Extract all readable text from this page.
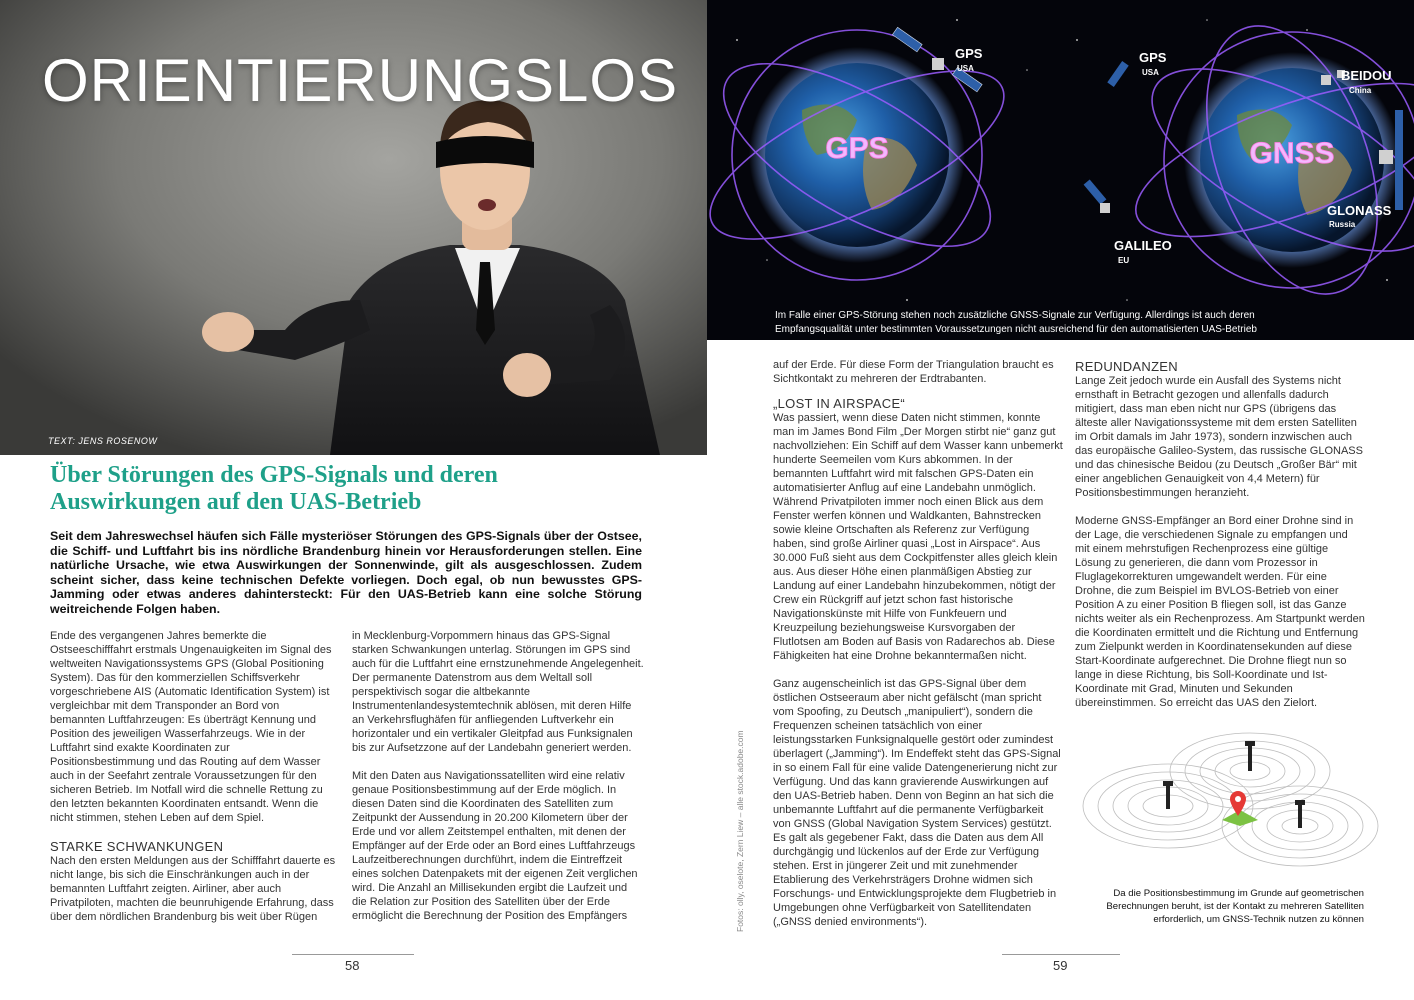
ORIENTIERUNGSLOS
TEXT: JENS ROSENOW
Über Störungen des GPS-Signals und deren Auswirkungen auf den UAS-Betrieb
Seit dem Jahreswechsel häufen sich Fälle mysteriöser Störungen des GPS-Signals über der Ostsee, die Schiff- und Luftfahrt bis ins nördliche Brandenburg hinein vor Herausforderungen stellen. Eine natürliche Ursache, wie etwa Auswirkungen der Sonnenwinde, gilt als ausgeschlossen. Zudem scheint sicher, dass keine technischen Defekte vorliegen. Doch egal, ob nun bewusstes GPS-Jamming oder etwas anderes dahintersteckt: Für den UAS-Betrieb kann eine solche Störung weitreichende Folgen haben.

Ende des vergangenen Jahres bemerkte die Ostseeschifffahrt erstmals Ungenauigkeiten im Signal des weltweiten Navigationssystems GPS (Global Positioning System). Das für den kommerziellen Schiffsverkehr vorgeschriebene AIS (Automatic Identification System) ist vergleichbar mit dem Transponder an Bord von bemannten Luftfahrzeugen: Es überträgt Kennung und Position des jeweiligen Wasserfahrzeugs. Wie in der Luftfahrt sind exakte Koordinaten zur Positionsbestimmung und das Routing auf dem Wasser auch in der Seefahrt zentrale Voraussetzungen für den sicheren Betrieb. Im Notfall wird die schnelle Rettung zu den letzten bekannten Koordinaten entsandt. Wenn die nicht stimmen, stehen Leben auf dem Spiel.

STARKE SCHWANKUNGEN

Nach den ersten Meldungen aus der Schifffahrt dauerte es nicht lange, bis sich die Einschränkungen auch in der bemannten Luftfahrt zeigten. Airliner, aber auch Privatpiloten, machten die beunruhigende Erfahrung, dass über dem nördlichen Brandenburg bis weit über Rügen

in Mecklenburg-Vorpommern hinaus das GPS-Signal starken Schwankungen unterlag. Störungen im GPS sind auch für die Luftfahrt eine ernstzunehmende Angelegenheit. Der permanente Datenstrom aus dem Weltall soll perspektivisch sogar die altbekannte Instrumentenlandesystemtechnik ablösen, mit deren Hilfe an Verkehrsflughäfen für anfliegenden Luftverkehr ein horizontaler und ein vertikaler Gleitpfad aus Funksignalen bis zur Aufsetzzone auf der Landebahn generiert werden.

Mit den Daten aus Navigationssatelliten wird eine relativ genaue Positionsbestimmung auf der Erde möglich. In diesen Daten sind die Koordinaten des Satelliten zum Zeitpunkt der Aussendung in 20.200 Kilometern über der Erde und vor allem Zeitstempel enthalten, mit denen der Empfänger auf der Erde oder an Bord eines Luftfahrzeugs Laufzeitberechnungen durchführt, indem die Eintreffzeit eines solchen Datenpakets mit der eigenen Zeit verglichen wird. Die Anzahl an Millisekunden ergibt die Laufzeit und die Relation zur Position des Satelliten über der Erde ermöglicht die Berechnung der Position des Empfängers

58
GPS	GNSS
GPS
USA
GPS
USA	BEIDOU
China
GLONASS
Russia
GALILEO
EU
Im Falle einer GPS-Störung stehen noch zusätzliche GNSS-Signale zur Verfügung. Allerdings ist auch deren Empfangsqualität unter bestimmten Voraussetzungen nicht ausreichend für den automatisierten UAS-Betrieb
Fotos: olly, oselote, Zern Liew – alle stock.adobe.com

auf der Erde. Für diese Form der Triangulation braucht es Sichtkontakt zu mehreren der Erdtrabanten.

„LOST IN AIRSPACE“

Was passiert, wenn diese Daten nicht stimmen, konnte man im James Bond Film „Der Morgen stirbt nie“ ganz gut nachvollziehen: Ein Schiff auf dem Wasser kann unbemerkt hunderte Seemeilen vom Kurs abkommen. In der bemannten Luftfahrt wird mit falschen GPS-Daten ein automatisierter Anflug auf eine Landebahn unmöglich. Während Privatpiloten immer noch einen Blick aus dem Fenster werfen können und Waldkanten, Bahnstrecken sowie kleine Ortschaften als Referenz zur Verfügung haben, sind große Airliner quasi „Lost in Airspace“. Aus 30.000 Fuß sieht aus dem Cockpitfenster alles gleich klein aus. Aus dieser Höhe einen planmäßigen Abstieg zur Landung auf einer Landebahn hinzubekommen, nötigt der Crew ein Rückgriff auf jetzt schon fast historische Navigationskünste mit Hilfe von Funkfeuern und Kreuzpeilung beziehungsweise Kursvorgaben der Flutlotsen am Boden auf Basis von Radarechos ab. Diese Fähigkeiten hat eine Drohne bekanntermaßen nicht.

Ganz augenscheinlich ist das GPS-Signal über dem östlichen Ostseeraum aber nicht gefälscht (man spricht vom Spoofing, zu Deutsch „manipuliert“), sondern die Frequenzen scheinen tatsächlich von einer leistungsstarken Funksignalquelle gestört oder zumindest überlagert („Jamming“). Im Endeffekt steht das GPS-Signal in so einem Fall für eine valide Datengenerierung nicht zur Verfügung. Und das kann gravierende Auswirkungen auf den UAS-Betrieb haben. Denn von Beginn an hat sich die unbemannte Luftfahrt auf die permanente Verfügbarkeit von GNSS (Global Navigation System Services) gestützt. Es galt als gegebener Fakt, dass die Daten aus dem All durchgängig und lückenlos auf der Erde zur Verfügung stehen. Erst in jüngerer Zeit und mit zunehmender Etablierung des Verkehrsträgers Drohne widmen sich Forschungs- und Entwicklungsprojekte dem Flugbetrieb in Umgebungen ohne Verfügbarkeit von Satellitendaten („GNSS denied environments“).

REDUNDANZEN

Lange Zeit jedoch wurde ein Ausfall des Systems nicht ernsthaft in Betracht gezogen und allenfalls dadurch mitigiert, dass man eben nicht nur GPS (übrigens das älteste aller Navigationssysteme mit dem ersten Satelliten im Orbit damals im Jahr 1973), sondern inzwischen auch das europäische Galileo-System, das russische GLONASS und das chinesische Beidou (zu Deutsch „Großer Bär“ mit einer angeblichen Genauigkeit von 4,4 Metern) für Positionsbestimmungen heranzieht.

Moderne GNSS-Empfänger an Bord einer Drohne sind in der Lage, die verschiedenen Signale zu empfangen und mit einem mehrstufigen Rechenprozess eine gültige Lösung zu generieren, die dann vom Prozessor in Fluglagekorrekturen umgewandelt werden. Für eine Drohne, die zum Beispiel im BVLOS-Betrieb von einer Position A zu einer Position B fliegen soll, ist das Ganze nichts weiter als ein Rechenprozess. Am Startpunkt werden die Koordinaten ermittelt und die Richtung und Entfernung zum Zielpunkt werden in Koordinatensekunden auf diese Start-Koordinate aufgerechnet. Die Drohne fliegt nun so lange in diese Richtung, bis Soll-Koordinate und Ist-Koordinate mit Grad, Minuten und Sekunden übereinstimmen. So erreicht das UAS den Zielort.

Da die Positionsbestimmung im Grunde auf geometrischen Berechnungen beruht, ist der Kontakt zu mehreren Satelliten erforderlich, um GNSS-Technik nutzen zu können
59
